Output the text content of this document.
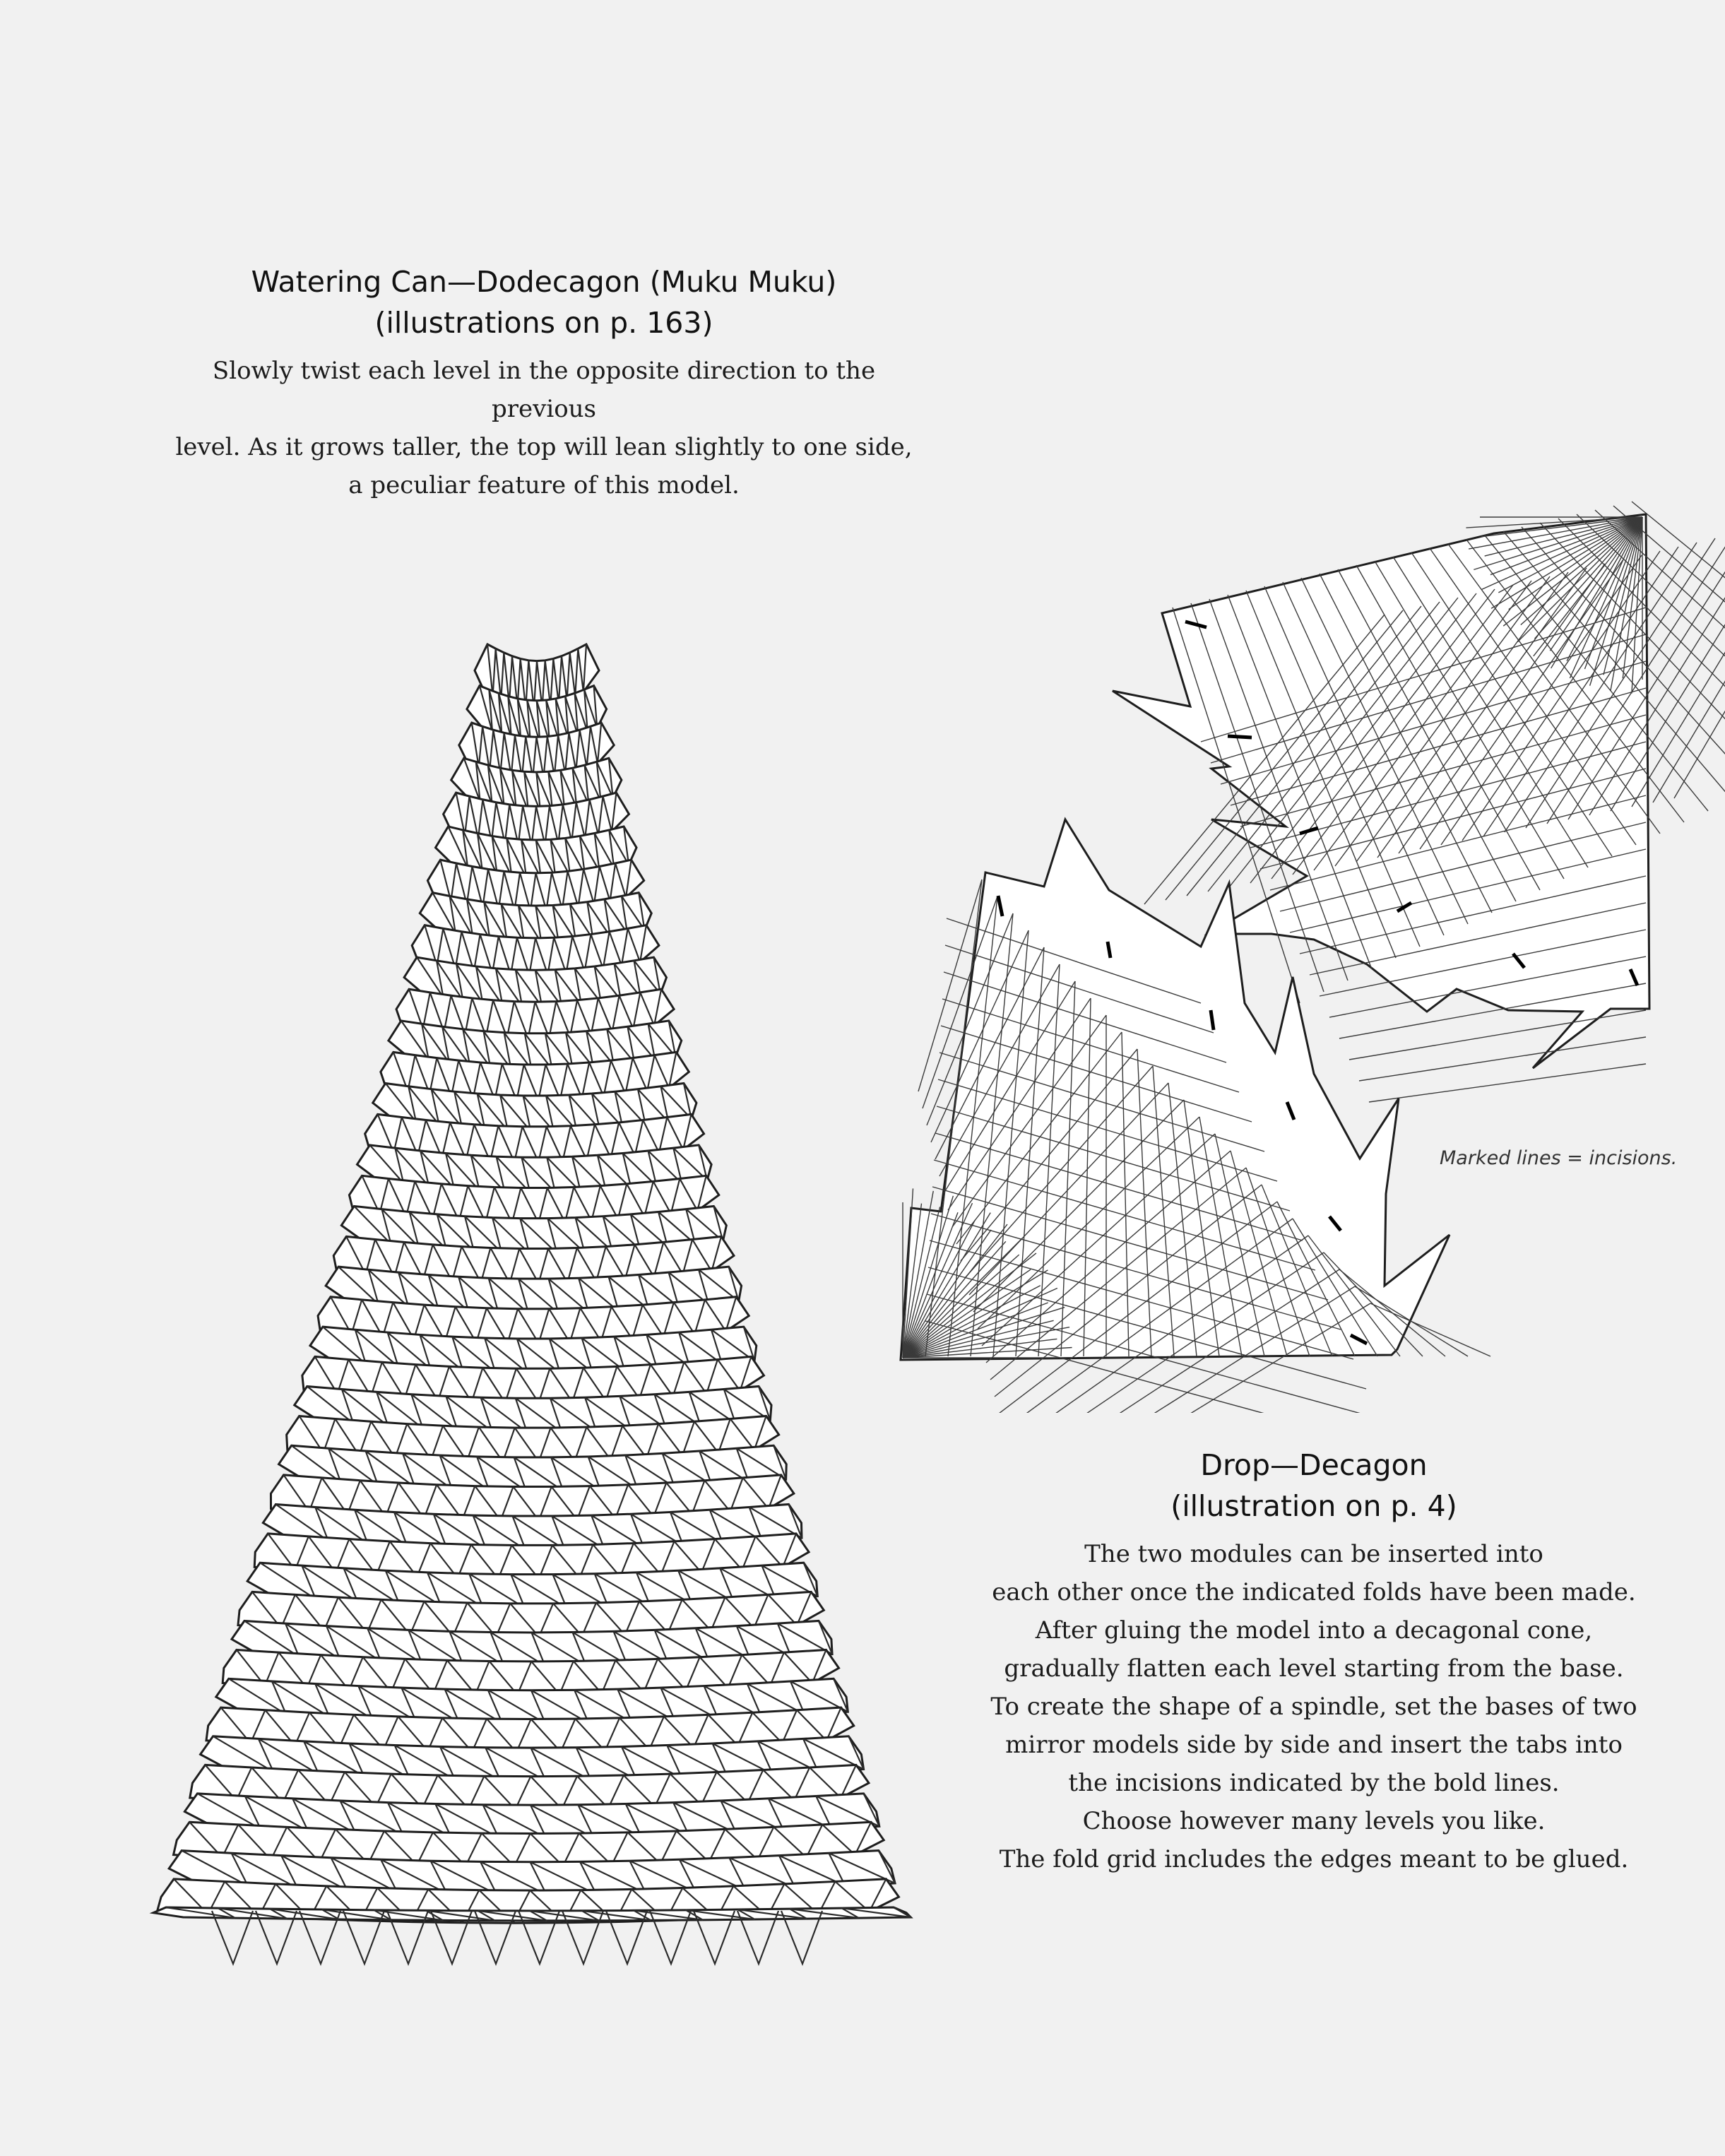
Watering Can—Dodecagon (Muku Muku)
(illustrations on p. 163)

Slowly twist each level in the opposite direction to the previous
level. As it grows taller, the top will lean slightly to one side,
a peculiar feature of this model.

Marked lines = incisions.
Drop—Decagon
(illustration on p. 4)

The two modules can be inserted into
each other once the indicated folds have been made.
After gluing the model into a decagonal cone,
gradually flatten each level starting from the base.
To create the shape of a spindle, set the bases of two
mirror models side by side and insert the tabs into
the incisions indicated by the bold lines.
Choose however many levels you like.
The fold grid includes the edges meant to be glued.
